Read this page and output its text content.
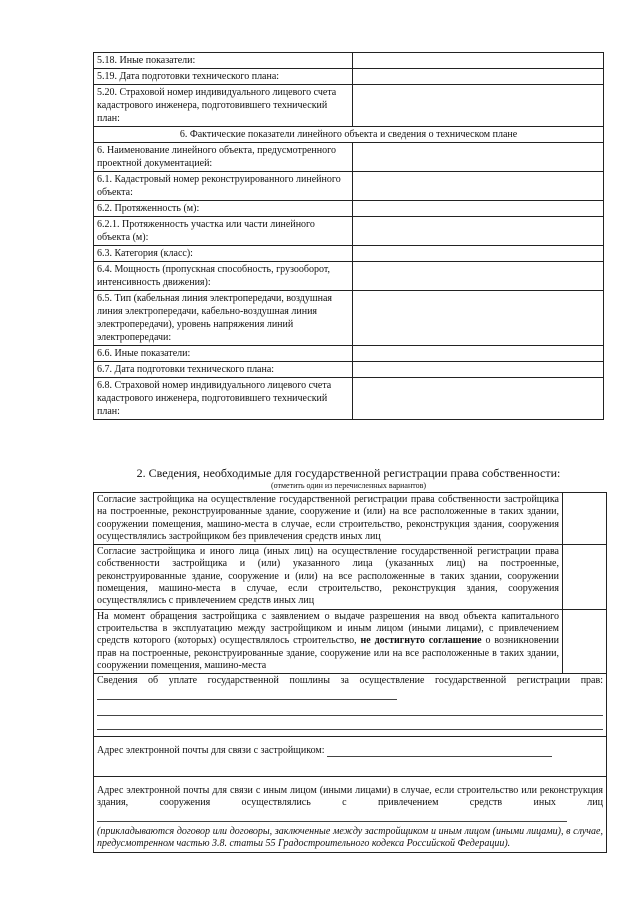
5.18. Иные показатели:	
5.19. Дата подготовки технического плана:	
5.20. Страховой номер индивидуального лицевого счета кадастрового инженера, подготовившего технический план:	
6. Фактические показатели линейного объекта и сведения о техническом плане	
6. Наименование линейного объекта, предусмотренного проектной документацией:	
6.1. Кадастровый номер реконструированного линейного объекта:	
6.2. Протяженность (м):	
6.2.1. Протяженность участка или части линейного объекта (м):	
6.3. Категория (класс):	
6.4. Мощность (пропускная способность, грузооборот, интенсивность движения):	
6.5. Тип (кабельная линия электропередачи, воздушная линия электропередачи, кабельно-воздушная линия электропередачи), уровень напряжения линий электропередачи:	
6.6. Иные показатели:	
6.7. Дата подготовки технического плана:	
6.8. Страховой номер индивидуального лицевого счета кадастрового инженера, подготовившего технический план:	
2. Сведения, необходимые для государственной регистрации права собственности:
(отметить один из перечисленных вариантов)
Согласие застройщика на осуществление государственной регистрации права собственности застройщика на построенные, реконструированные здание, сооружение и (или) на все расположенные в таких здании, сооружении помещения, машино-места в случае, если строительство, реконструкция здания, сооружения осуществлялись застройщиком без привлечения средств иных лиц	
Согласие застройщика и иного лица (иных лиц) на осуществление государственной регистрации права собственности застройщика и (или) указанного лица (указанных лиц) на построенные, реконструированные здание, сооружение и (или) на все расположенные в таких здании, сооружении помещения, машино-места в случае, если строительство, реконструкция здания, сооружения осуществлялись с привлечением средств иных лиц	
На момент обращения застройщика с заявлением о выдаче разрешения на ввод объекта капитального строительства в эксплуатацию между застройщиком и иным лицом (иными лицами), с привлечением средств которого (которых) осуществлялось строительство, не достигнуто соглашение о возникновении прав на построенные, реконструированные здание, сооружение или на все расположенные в таких здании, сооружении помещения, машино-места	
Сведения об уплате государственной пошлины за осуществление государственной регистрации прав:	

Адрес электронной почты для связи с застройщиком:	
Адрес электронной почты для связи с иным лицом (иными лицами) в случае, если строительство или реконструкция здания, сооружения осуществлялись с привлечением средств иных лиц
(прикладываются договор или договоры, заключенные между застройщиком и иным лицом (иными лицами), в случае, предусмотренном частью 3.8. статьи 55 Градостроительного кодекса Российской Федерации).	
